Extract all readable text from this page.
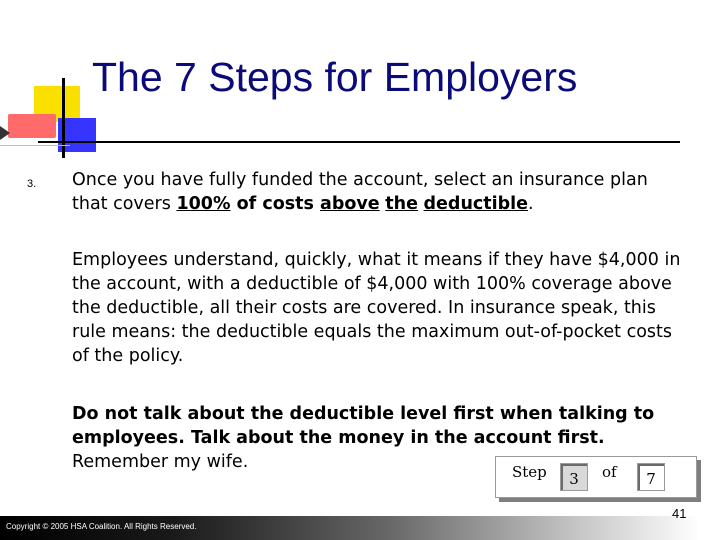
The 7 Steps for Employers
3. Once you have fully funded the account, select an insurance plan
that covers 100% of costs above the deductible.
Employees understand, quickly, what it means if they have $4,000 in the account, with a deductible of $4,000 with 100% coverage above the deductible, all their costs are covered. In insurance speak, this rule means: the deductible equals the maximum out-of-pocket costs of the policy.
Do not talk about the deductible level first when talking to employees. Talk about the money in the account first.
Remember my wife.	Step	3	of	7
Copyright © 2005 HSA Coalition. All Rights Reserved.
41
